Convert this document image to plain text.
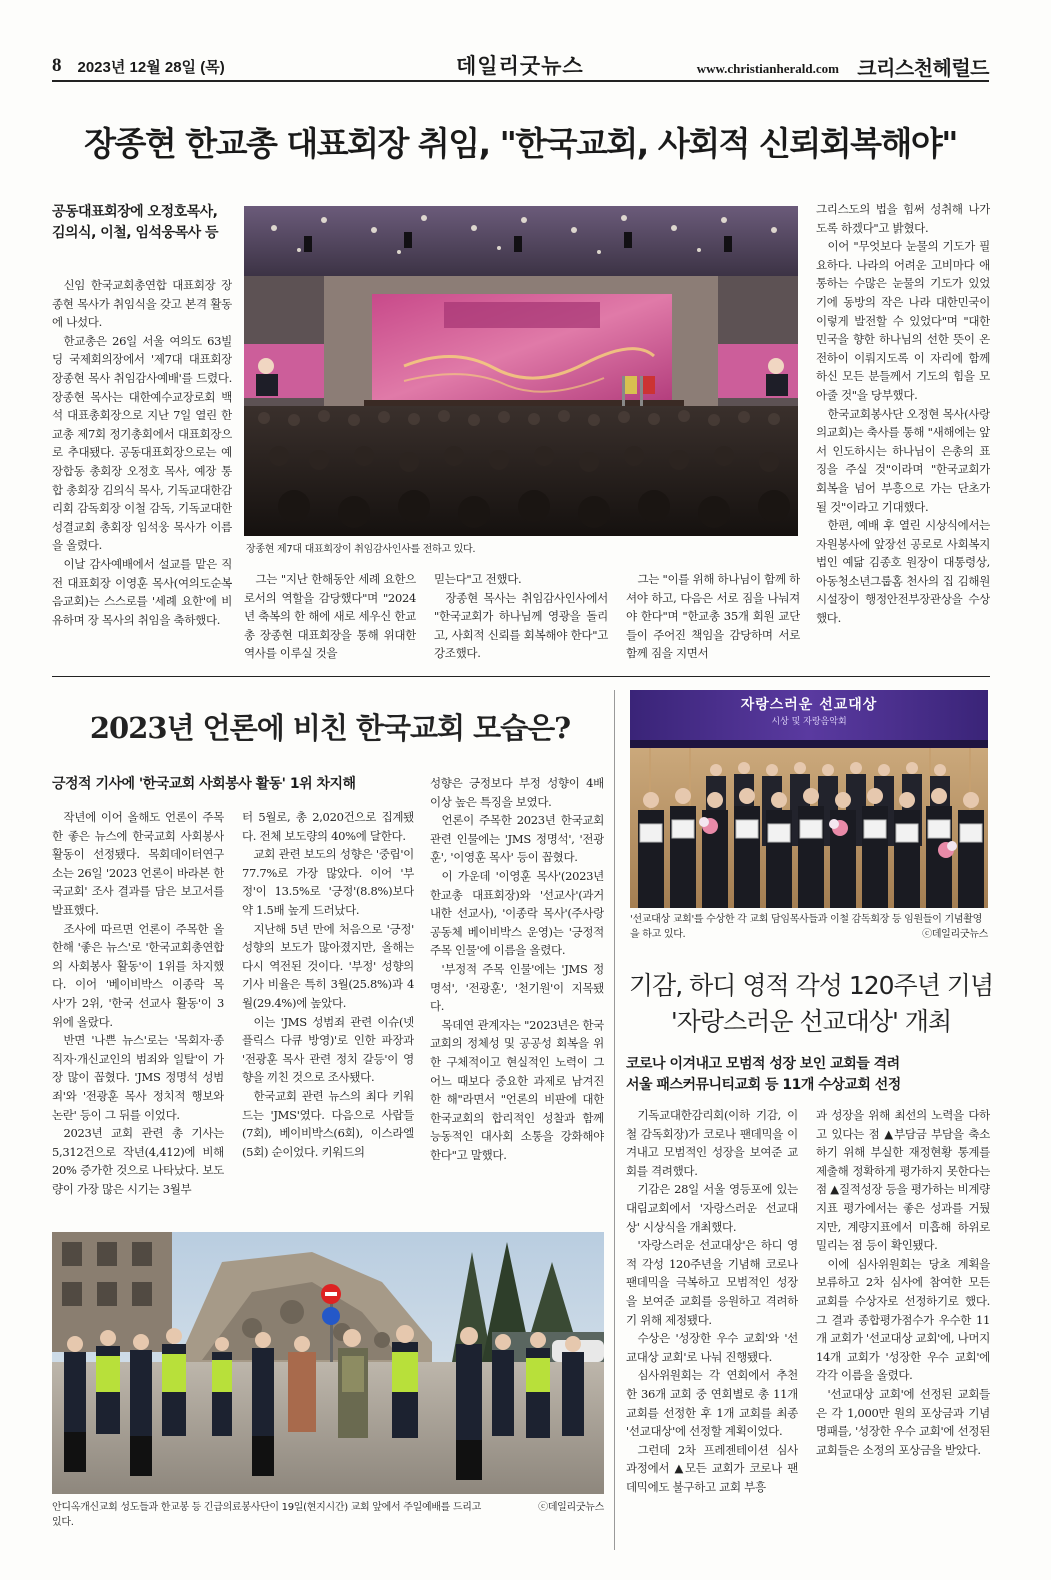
8 2023년 12월 28일 (목)	데일리굿뉴스	www.christianherald.com 크리스천헤럴드
장종현 한교총 대표회장 취임, "한국교회, 사회적 신뢰회복해야"
공동대표회장에 오정호목사,
김의식, 이철, 임석웅목사 등

신임 한국교회총연합 대표회장 장종현 목사가 취임식을 갖고 본격 활동에 나섰다.

한교총은 26일 서울 여의도 63빌딩 국제회의장에서 '제7대 대표회장 장종현 목사 취임감사예배'를 드렸다. 장종현 목사는 대한예수교장로회 백석 대표총회장으로 지난 7일 열린 한교총 제7회 정기총회에서 대표회장으로 추대됐다. 공동대표회장으로는 예장합동 총회장 오정호 목사, 예장 통합 총회장 김의식 목사, 기독교대한감리회 감독회장 이철 감독, 기독교대한성결교회 총회장 임석웅 목사가 이름을 올렸다.

이날 감사예배에서 설교를 맡은 직전 대표회장 이영훈 목사(여의도순복음교회)는 스스로를 '세례 요한'에 비유하며 장 목사의 취임을 축하했다.

장종현 제7대 대표회장이 취임감사인사를 전하고 있다.

그는 "지난 한해동안 세례 요한으로서의 역할을 감당했다"며 "2024년 축복의 한 해에 새로 세우신 한교총 장종현 대표회장을 통해 위대한 역사를 이루실 것을

믿는다"고 전했다.

장종현 목사는 취임감사인사에서 "한국교회가 하나님께 영광을 돌리고, 사회적 신뢰를 회복해야 한다"고 강조했다.

그는 "이를 위해 하나님이 함께 하셔야 하고, 다음은 서로 짐을 나눠져야 한다"며 "한교총 35개 회원 교단들이 주어진 책임을 감당하며 서로 함께 짐을 지면서

그리스도의 법을 힘써 성취해 나가도록 하겠다"고 밝혔다.

이어 "무엇보다 눈물의 기도가 필요하다. 나라의 어려운 고비마다 애통하는 수많은 눈물의 기도가 있었기에 동방의 작은 나라 대한민국이 이렇게 발전할 수 있었다"며 "대한민국을 향한 하나님의 선한 뜻이 온전하이 이뤄지도록 이 자리에 함께 하신 모든 분들께서 기도의 힘을 모아줄 것"을 당부했다.

한국교회봉사단 오정현 목사(사랑의교회)는 축사를 통해 "새해에는 앞서 인도하시는 하나님이 은총의 표징을 주실 것"이라며 "한국교회가 회복을 넘어 부흥으로 가는 단초가 될 것"이라고 기대했다.

한편, 예배 후 열린 시상식에서는 자원봉사에 앞장선 공로로 사회복지법인 예닮 김종호 원장이 대통령상, 아동청소년그룹홈 천사의 집 김해원 시설장이 행정안전부장관상을 수상했다.

2023년 언론에 비친 한국교회 모습은?
긍정적 기사에 '한국교회 사회봉사 활동' 1위 차지해

작년에 이어 올해도 언론이 주목한 좋은 뉴스에 한국교회 사회봉사 활동이 선정됐다. 목회데이터연구소는 26일 '2023 언론이 바라본 한국교회' 조사 결과를 담은 보고서를 발표했다.

조사에 따르면 언론이 주목한 올 한해 '좋은 뉴스'로 '한국교회총연합의 사회봉사 활동'이 1위를 차지했다. 이어 '베이비박스 이종락 목사'가 2위, '한국 선교사 활동'이 3위에 올랐다.

반면 '나쁜 뉴스'로는 '목회자·종직자·개신교인의 범죄와 일탈'이 가장 많이 꼽혔다. 'JMS 정명석 성범죄'와 '전광훈 목사 정치적 행보와 논란' 등이 그 뒤를 이었다.

2023년 교회 관련 총 기사는 5,312건으로 작년(4,412)에 비해 20% 증가한 것으로 나타났다. 보도량이 가장 많은 시기는 3월부

터 5월로, 총 2,020건으로 집계됐다. 전체 보도량의 40%에 달한다.

교회 관련 보도의 성향은 '중립'이 77.7%로 가장 많았다. 이어 '부정'이 13.5%로 '긍정'(8.8%)보다 약 1.5배 높게 드러났다.

지난해 5년 만에 처음으로 '긍정' 성향의 보도가 많아졌지만, 올해는 다시 역전된 것이다. '부정' 성향의 기사 비율은 특히 3월(25.8%)과 4월(29.4%)에 높았다.

이는 'JMS 성범죄 관련 이슈(넷플릭스 다큐 방영)'로 인한 파장과 '전광훈 목사 관련 정치 갈등'이 영향을 끼친 것으로 조사됐다.

한국교회 관련 뉴스의 최다 키워드는 'JMS'였다. 다음으로 사랍들(7회), 베이비박스(6회), 이스라엘(5회) 순이었다. 키워드의

성향은 긍정보다 부정 성향이 4배 이상 높은 특징을 보였다.

언론이 주목한 2023년 한국교회 관련 인물에는 'JMS 정명석', '전광훈', '이영훈 목사' 등이 꼽혔다.

이 가운데 '이영훈 목사'(2023년 한교총 대표회장)와 '선교사'(과거 내한 선교사), '이종락 목사'(주사랑공동체 베이비박스 운영)는 '긍정적 주목 인물'에 이름을 올렸다.

'부정적 주목 인물'에는 'JMS 정명석', '전광훈', '천기원'이 지목됐다.

목데연 관계자는 "2023년은 한국교회의 정체성 및 공공성 회복을 위한 구체적이고 현실적인 노력이 그 어느 때보다 중요한 과제로 남겨진 한 해"라면서 "언론의 비판에 대한 한국교회의 합리적인 성찰과 함께 능동적인 대사회 소통을 강화해야 한다"고 말했다.

안디옥개신교회 성도들과 한교봉 등 긴급의료봉사단이 19일(현지시간) 교회 앞에서 주일예배를 드리고 있다.
ⓒ데일리굿뉴스
자랑스러운 선교대상
시상 및 자랑음악회
'선교대상 교회'를 수상한 각 교회 담임목사들과 이철 감독회장 등 임원들이 기념촬영을 하고 있다.	ⓒ데일리굿뉴스
기감, 하디 영적 각성 120주년 기념
'자랑스러운 선교대상' 개최
코로나 이겨내고 모범적 성장 보인 교회들 격려
서울 패스커뮤니티교회 등 11개 수상교회 선정

기독교대한감리회(이하 기감, 이철 감독회장)가 코로나 팬데믹을 이겨내고 모범적인 성장을 보여준 교회를 격려했다.

기감은 28일 서울 영등포에 있는 대림교회에서 '자랑스러운 선교대상' 시상식을 개최했다.

'자랑스러운 선교대상'은 하디 영적 각성 120주년을 기념해 코로나 팬데믹을 극복하고 모범적인 성장을 보여준 교회를 응원하고 격려하기 위해 제정됐다.

수상은 '성장한 우수 교회'와 '선교대상 교회'로 나눠 진행됐다.

심사위원회는 각 연회에서 추천한 36개 교회 중 연회별로 총 11개 교회를 선정한 후 1개 교회를 최종 '선교대상'에 선정할 계획이었다.

그런데 2차 프레젠테이션 심사 과정에서 ▲모든 교회가 코로나 팬데믹에도 불구하고 교회 부흥

과 성장을 위해 최선의 노력을 다하고 있다는 점 ▲부담금 부담을 축소하기 위해 부실한 재정현황 통계를 제출해 정확하게 평가하지 못한다는 점 ▲질적성장 등을 평가하는 비계량지표 평가에서는 좋은 성과를 거뒀지만, 계량지표에서 미흡해 하위로 밀리는 점 등이 확인됐다.

이에 심사위원회는 당초 계획을 보류하고 2차 심사에 참여한 모든 교회를 수상자로 선정하기로 했다. 그 결과 종합평가점수가 우수한 11개 교회가 '선교대상 교회'에, 나머지 14개 교회가 '성장한 우수 교회'에 각각 이름을 올렸다.

'선교대상 교회'에 선정된 교회들은 각 1,000만 원의 포상금과 기념 명패를, '성장한 우수 교회'에 선정된 교회들은 소정의 포상금을 받았다.
